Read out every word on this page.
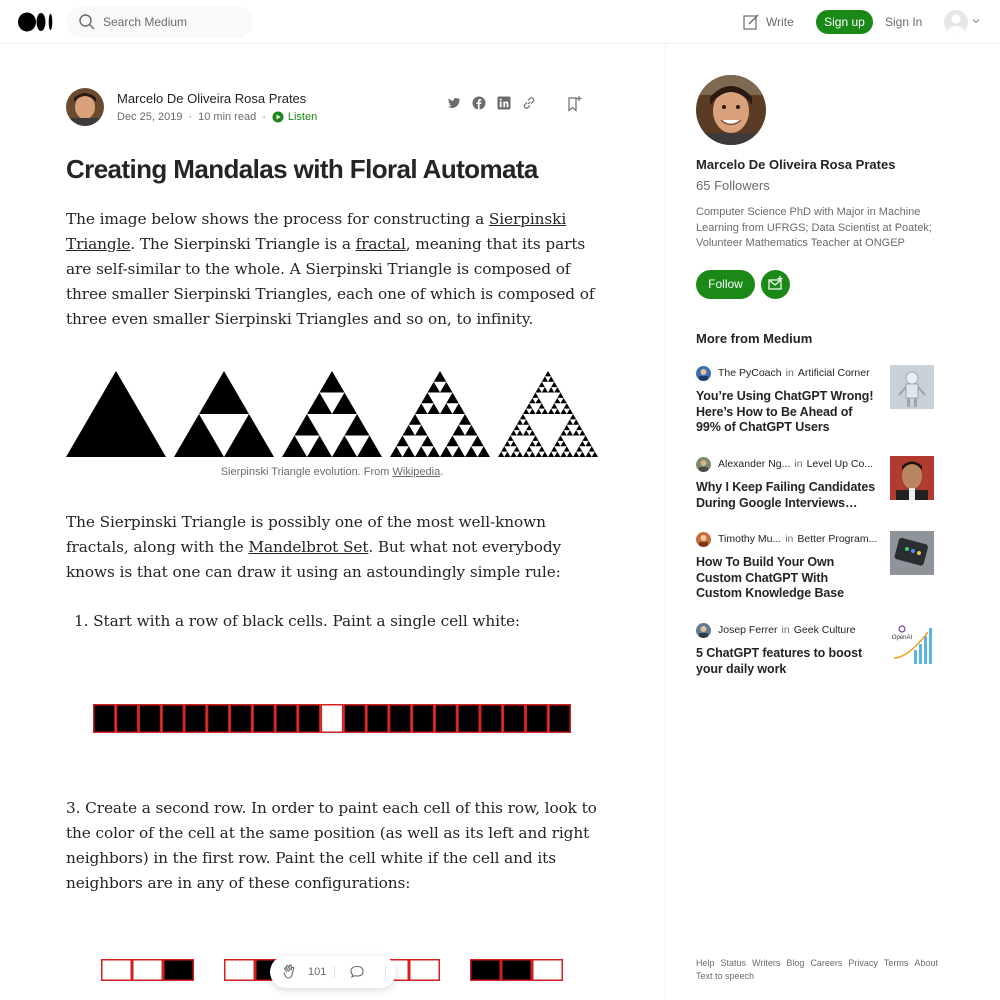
Search Medium	Write	Sign up	Sign In
Marcelo De Oliveira Rosa Prates
Dec 25, 2019 · 10 min read · Listen
Creating Mandalas with Floral Automata

The image below shows the process for constructing a Sierpinski Triangle. The Sierpinski Triangle is a fractal, meaning that its parts are self-similar to the whole. A Sierpinski Triangle is composed of three smaller Sierpinski Triangles, each one of which is composed of three even smaller Sierpinski Triangles and so on, to infinity.

Sierpinski Triangle evolution. From Wikipedia.

The Sierpinski Triangle is possibly one of the most well-known fractals, along with the Mandelbrot Set. But what not everybody knows is that one can draw it using an astoundingly simple rule:

1. Start with a row of black cells. Paint a single cell white:

3. Create a second row. In order to paint each cell of this row, look to the color of the cell at the same position (as well as its left and right neighbors) in the first row. Paint the cell white if the cell and its neighbors are in any of these configurations:

101
Marcelo De Oliveira Rosa Prates
65 Followers
Computer Science PhD with Major in Machine Learning from UFRGS; Data Scientist at Poatek; Volunteer Mathematics Teacher at ONGEP
Follow
More from Medium
The PyCoach in Artificial Corner
You’re Using ChatGPT Wrong! Here’s How to Be Ahead of 99% of ChatGPT Users
Alexander Ng... in Level Up Co...
Why I Keep Failing Candidates During Google Interviews…
Timothy Mu... in Better Program...
How To Build Your Own Custom ChatGPT With Custom Knowledge Base
Josep Ferrer in Geek Culture
5 ChatGPT features to boost your daily work
OpenAI
Help Status Writers Blog Careers Privacy Terms About
Text to speech
